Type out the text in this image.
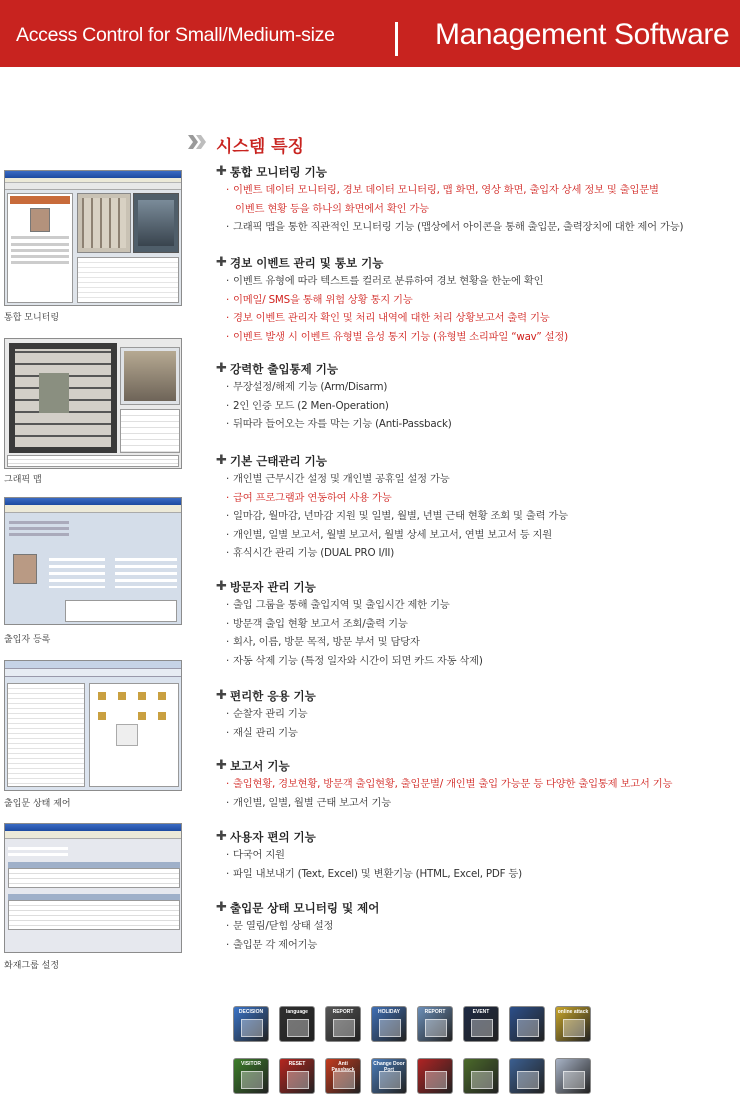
Access Control for Small/Medium-size	Management Software
통합 모니터링
그래픽 맵
출입자 등록
출입문 상태 제어
화재그룹 설정
시스템 특징
✚ 통합 모니터링 기능
· 이벤트 데이터 모니터링, 경보 데이터 모니터링, 맵 화면, 영상 화면, 출입자 상세 정보 및 출입문별
이벤트 현황 등을 하나의 화면에서 확인 가능
· 그래픽 맵을 통한 직관적인 모니터링 기능 (맵상에서 아이콘을 통해 출입문, 출력장치에 대한 제어 가능)
✚ 경보 이벤트 관리 및 통보 기능
· 이벤트 유형에 따라 텍스트를 컬러로 분류하여 경보 현황을 한눈에 확인
· 이메일/ SMS을 통해 위험 상황 통지 기능
· 경보 이벤트 관리자 확인 및 처리 내역에 대한 처리 상황보고서 출력 기능
· 이벤트 발생 시 이벤트 유형별 음성 통지 기능 (유형별 소리파일 “wav” 설정)
✚ 강력한 출입통제 기능
· 무장설정/해제 기능 (Arm/Disarm)
· 2인 인증 모드 (2 Men-Operation)
· 뒤따라 들어오는 자를 막는 기능 (Anti-Passback)
✚ 기본 근태관리 기능
· 개인별 근무시간 설정 및 개인별 공휴일 설정 가능
· 급여 프로그램과 연동하여 사용 가능
· 일마감, 월마감, 년마감 지원 및 일별, 월별, 년별 근태 현황 조회 및 출력 가능
· 개인별, 일별 보고서, 월별 보고서, 월별 상세 보고서, 연별 보고서 등 지원
· 휴식시간 관리 기능 (DUAL PRO I/II)
✚ 방문자 관리 기능
· 출입 그룹을 통해 출입지역 및 출입시간 제한 기능
· 방문객 출입 현황 보고서 조회/출력 기능
· 회사, 이름, 방문 목적, 방문 부서 및 담당자
· 자동 삭제 기능 (특정 일자와 시간이 되면 카드 자동 삭제)
✚ 편리한 응용 기능
· 순찰자 관리 기능
· 재실 관리 기능
✚ 보고서 기능
· 출입현황, 경보현황, 방문객 출입현황, 출입문별/ 개인별 출입 가능문 등 다양한 출입통제 보고서 기능
· 개인별, 일별, 월별 근태 보고서 기능
✚ 사용자 편의 기능
· 다국어 지원
· 파일 내보내기 (Text, Excel) 및 변환기능 (HTML, Excel, PDF 등)
✚ 출입문 상태 모니터링 및 제어
· 문 열림/닫힘 상태 설정
· 출입문 각 제어기능
DECISION	language	REPORT	HOLIDAY	REPORT	EVENT	online attack
VISITOR	RESET	Anti Passback
Change Door Port
